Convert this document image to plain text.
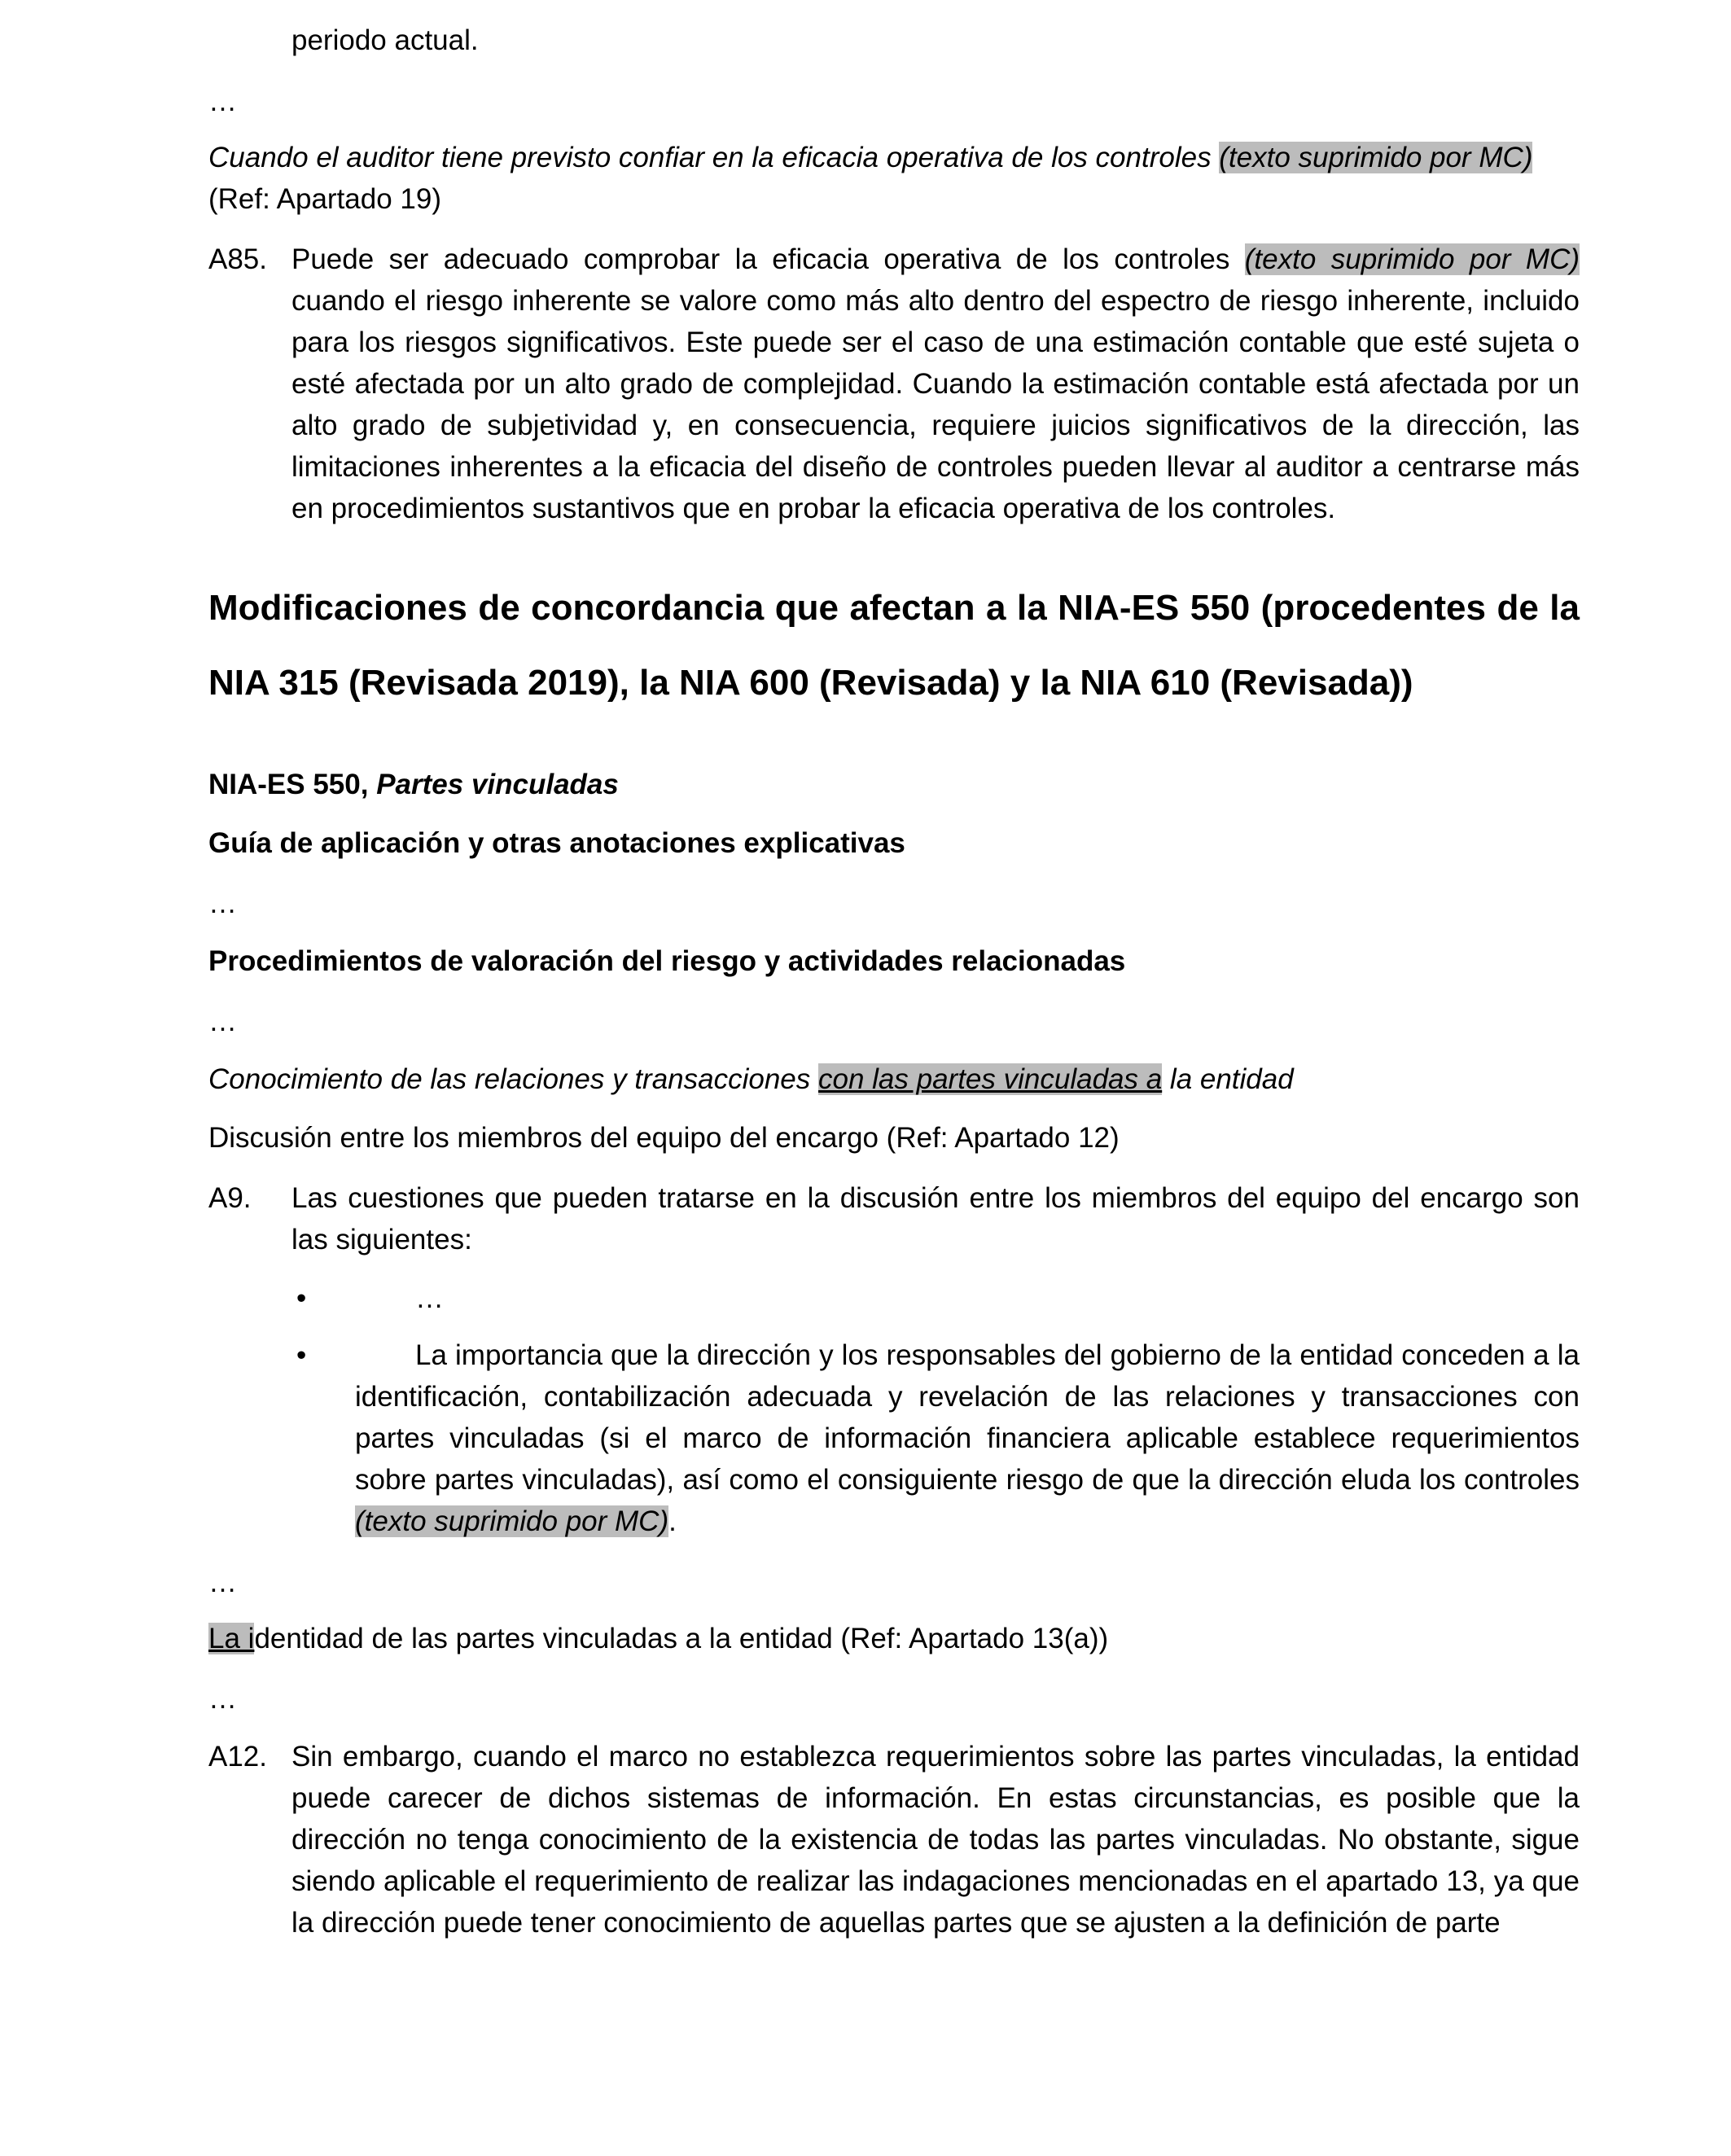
periodo actual.

…

Cuando el auditor tiene previsto confiar en la eficacia operativa de los controles (texto suprimido por MC) (Ref: Apartado 19)

A85. Puede ser adecuado comprobar la eficacia operativa de los controles (texto suprimido por MC) cuando el riesgo inherente se valore como más alto dentro del espectro de riesgo inherente, incluido para los riesgos significativos. Este puede ser el caso de una estimación contable que esté sujeta o esté afectada por un alto grado de complejidad. Cuando la estimación contable está afectada por un alto grado de subjetividad y, en consecuencia, requiere juicios significativos de la dirección, las limitaciones inherentes a la eficacia del diseño de controles pueden llevar al auditor a centrarse más en procedimientos sustantivos que en probar la eficacia operativa de los controles.

Modificaciones de concordancia que afectan a la NIA-ES 550 (procedentes de la NIA 315 (Revisada 2019), la NIA 600 (Revisada) y la NIA 610 (Revisada))

NIA-ES 550, Partes vinculadas

Guía de aplicación y otras anotaciones explicativas

…

Procedimientos de valoración del riesgo y actividades relacionadas

…

Conocimiento de las relaciones y transacciones con las partes vinculadas a la entidad

Discusión entre los miembros del equipo del encargo (Ref: Apartado 12)

A9. Las cuestiones que pueden tratarse en la discusión entre los miembros del equipo del encargo son las siguientes:

•	…
•	La importancia que la dirección y los responsables del gobierno de la entidad conceden a la identificación, contabilización adecuada y revelación de las relaciones y transacciones con partes vinculadas (si el marco de información financiera aplicable establece requerimientos sobre partes vinculadas), así como el consiguiente riesgo de que la dirección eluda los controles (texto suprimido por MC).

…

La identidad de las partes vinculadas a la entidad (Ref: Apartado 13(a))

…
A12. Sin embargo, cuando el marco no establezca requerimientos sobre las partes vinculadas, la entidad puede carecer de dichos sistemas de información. En estas circunstancias, es posible que la dirección no tenga conocimiento de la existencia de todas las partes vinculadas. No obstante, sigue siendo aplicable el requerimiento de realizar las indagaciones mencionadas en el apartado 13, ya que la dirección puede tener conocimiento de aquellas partes que se ajusten a la definición de parte
